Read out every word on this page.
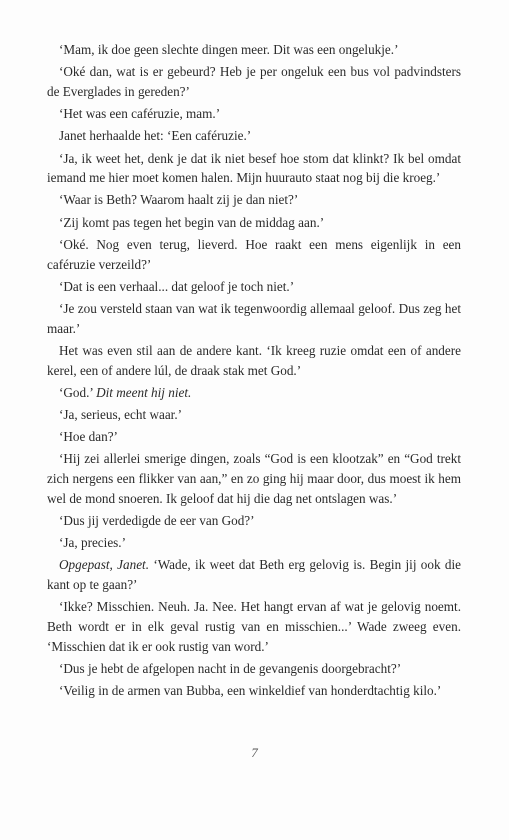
‘Mam, ik doe geen slechte dingen meer. Dit was een ongelukje.’

‘Oké dan, wat is er gebeurd? Heb je per ongeluk een bus vol padvindsters de Everglades in gereden?’

‘Het was een caféruzie, mam.’

Janet herhaalde het: ‘Een caféruzie.’

‘Ja, ik weet het, denk je dat ik niet besef hoe stom dat klinkt? Ik bel omdat iemand me hier moet komen halen. Mijn huurauto staat nog bij die kroeg.’

‘Waar is Beth? Waarom haalt zij je dan niet?’

‘Zij komt pas tegen het begin van de middag aan.’

‘Oké. Nog even terug, lieverd. Hoe raakt een mens eigenlijk in een caféruzie verzeild?’

‘Dat is een verhaal... dat geloof je toch niet.’

‘Je zou versteld staan van wat ik tegenwoordig allemaal geloof. Dus zeg het maar.’

Het was even stil aan de andere kant. ‘Ik kreeg ruzie omdat een of andere kerel, een of andere lúl, de draak stak met God.’

‘God.’ Dit meent hij niet.

‘Ja, serieus, echt waar.’

‘Hoe dan?’

‘Hij zei allerlei smerige dingen, zoals “God is een klootzak” en “God trekt zich nergens een flikker van aan,” en zo ging hij maar door, dus moest ik hem wel de mond snoeren. Ik geloof dat hij die dag net ontslagen was.’

‘Dus jij verdedigde de eer van God?’

‘Ja, precies.’

Opgepast, Janet. ‘Wade, ik weet dat Beth erg gelovig is. Begin jij ook die kant op te gaan?’

‘Ikke? Misschien. Neuh. Ja. Nee. Het hangt ervan af wat je gelovig noemt. Beth wordt er in elk geval rustig van en misschien...’ Wade zweeg even. ‘Misschien dat ik er ook rustig van word.’

‘Dus je hebt de afgelopen nacht in de gevangenis doorgebracht?’

‘Veilig in de armen van Bubba, een winkeldief van honderdtachtig kilo.’

7
